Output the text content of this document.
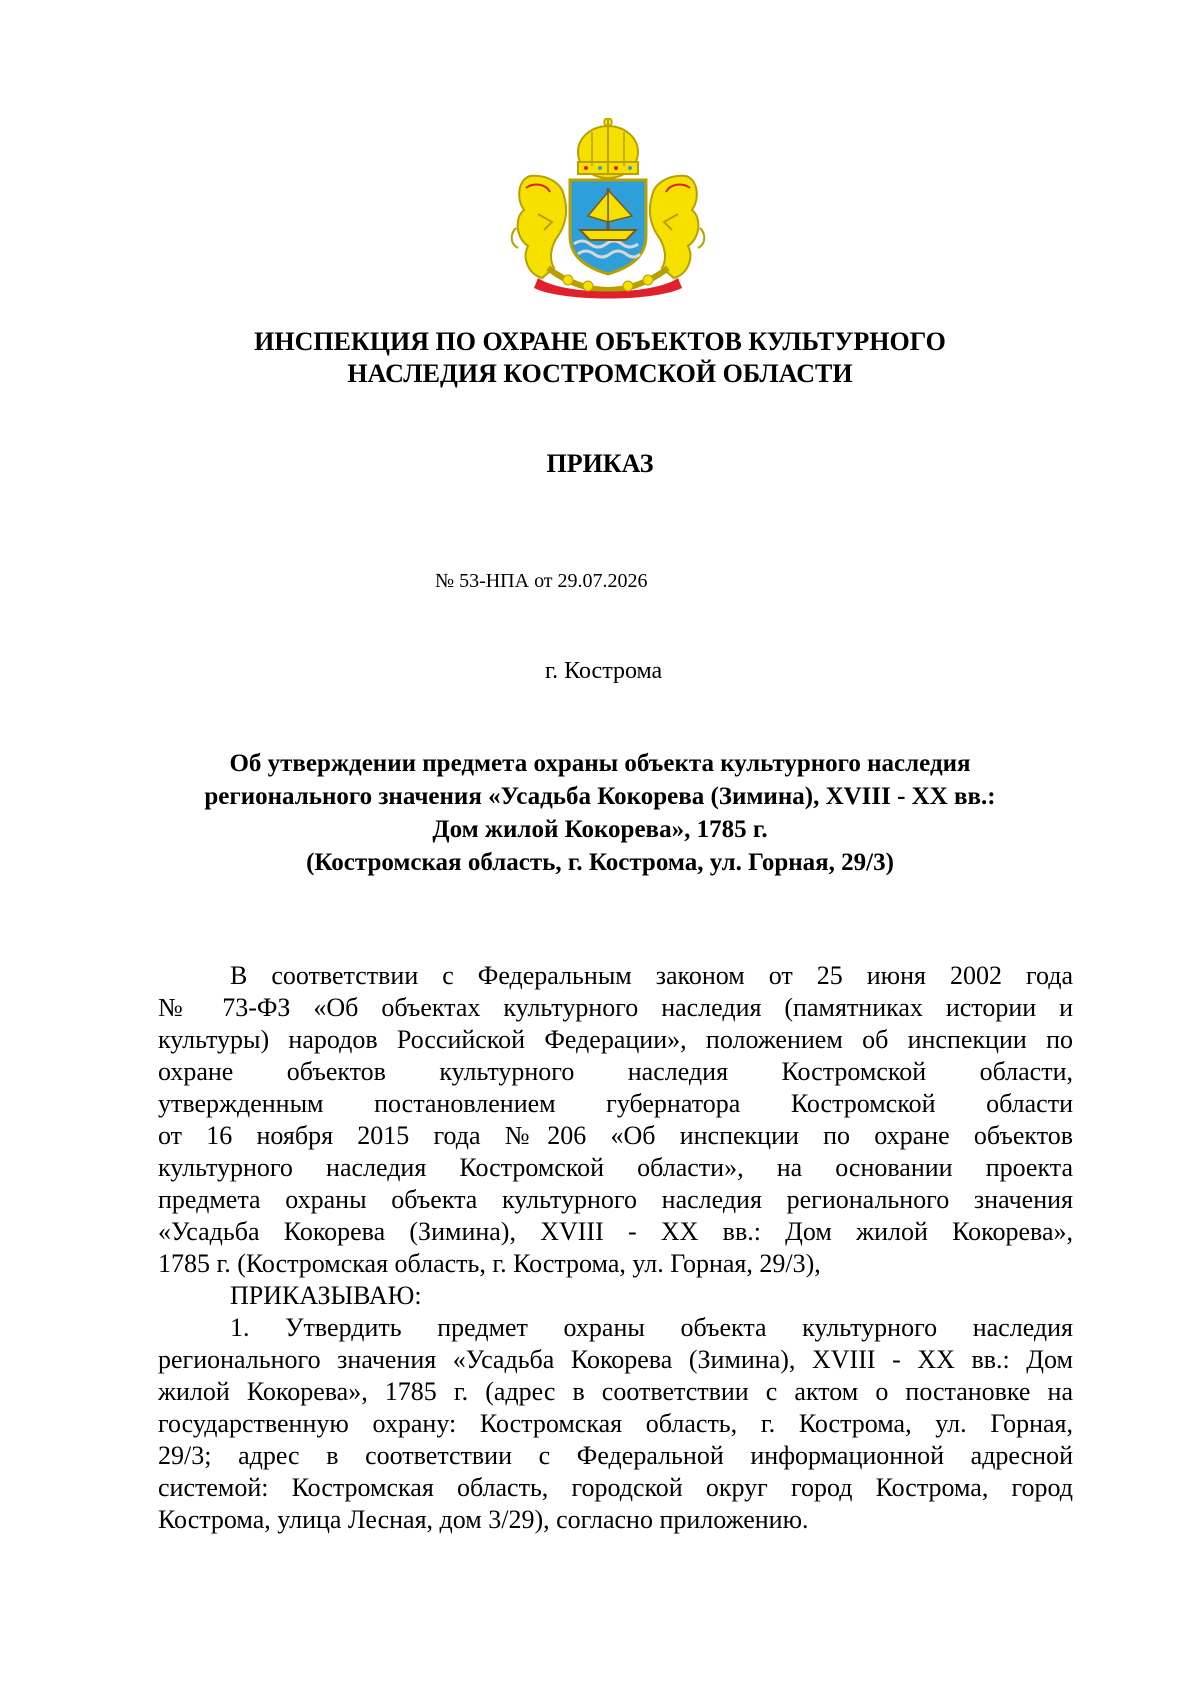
ИНСПЕКЦИЯ ПО ОХРАНЕ ОБЪЕКТОВ КУЛЬТУРНОГО

НАСЛЕДИЯ КОСТРОМСКОЙ ОБЛАСТИ

ПРИКАЗ

№ 53-НПА от 29.07.2026

г. Кострома

Об утверждении предмета охраны объекта культурного наследия

регионального значения «Усадьба Кокорева (Зимина), XVIII - XX вв.:

Дом жилой Кокорева», 1785 г.

(Костромская область, г. Кострома, ул. Горная, 29/3)

В соответствии с Федеральным законом от 25 июня 2002 года

№ 73-ФЗ «Об объектах культурного наследия (памятниках истории и

культуры) народов Российской Федерации», положением об инспекции по

охране объектов культурного наследия Костромской области,

утвержденным постановлением губернатора Костромской области

от 16 ноября 2015 года №206 «Об инспекции по охране объектов

культурного наследия Костромской области», на основании проекта

предмета охраны объекта культурного наследия регионального значения

«Усадьба Кокорева (Зимина), XVIII - XX вв.: Дом жилой Кокорева»,

1785 г. (Костромская область, г. Кострома, ул. Горная, 29/3),

ПРИКАЗЫВАЮ:

1. Утвердить предмет охраны объекта культурного наследия

регионального значения «Усадьба Кокорева (Зимина), XVIII - XX вв.: Дом

жилой Кокорева», 1785 г. (адрес в соответствии с актом о постановке на

государственную охрану: Костромская область, г. Кострома, ул. Горная,

29/3; адрес в соответствии с Федеральной информационной адресной

системой: Костромская область, городской округ город Кострома, город

Кострома, улица Лесная, дом 3/29), согласно приложению.
